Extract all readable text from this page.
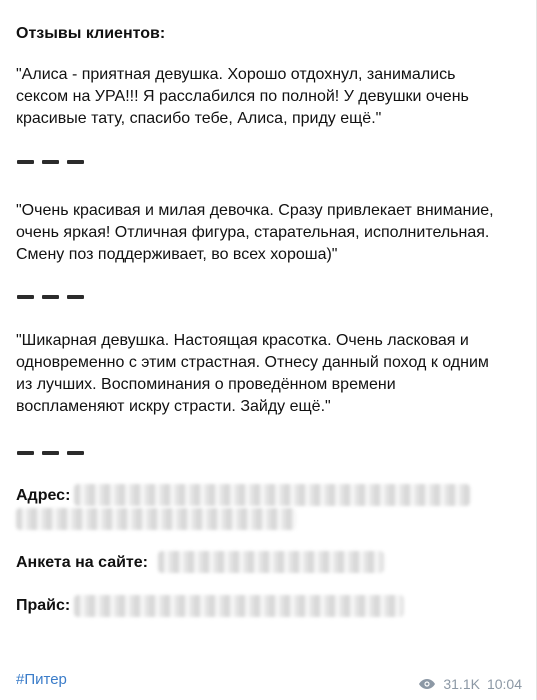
Отзывы клиентов:
"Алиса - приятная девушка. Хорошо отдохнул, занимались
сексом на УРА!!! Я расслабился по полной! У девушки очень
красивые тату, спасибо тебе, Алиса, приду ещё."
"Очень красивая и милая девочка. Сразу привлекает внимание,
очень яркая! Отличная фигура, старательная, исполнительная.
Смену поз поддерживает, во всех хороша)"
"Шикарная девушка. Настоящая красотка. Очень ласковая и
одновременно с этим страстная. Отнесу данный поход к одним
из лучших. Воспоминания о проведённом времени
воспламеняют искру страсти. Зайду ещё."
Адрес:
Анкета на сайте:
Прайс:
#Питер	31.1K 10:04
